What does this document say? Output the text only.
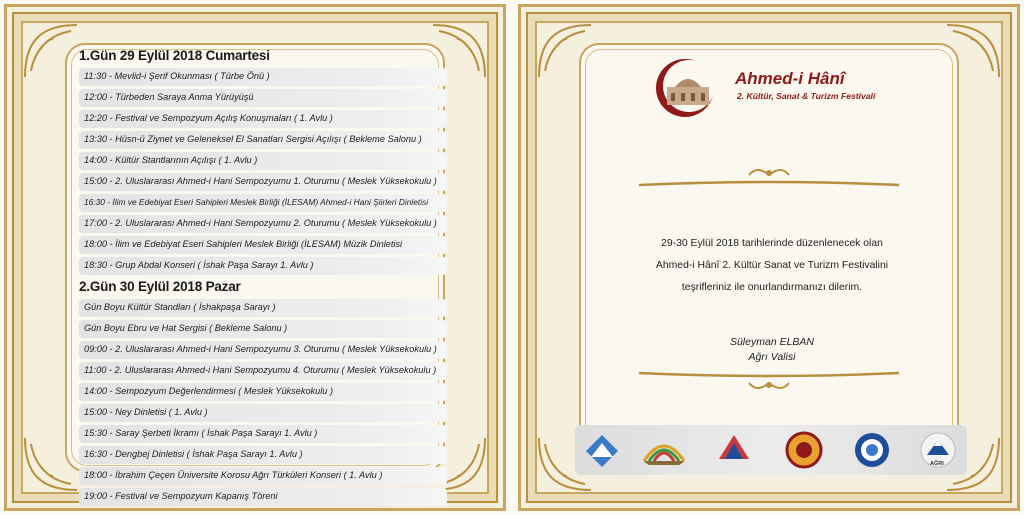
1.Gün 29 Eylül 2018 Cumartesi
11:30 - Mevlid-i Şerif Okunması ( Türbe Önü )
12:00 - Türbeden Saraya Anma Yürüyüşü
12:20 - Festival ve Sempozyum Açılış Konuşmaları ( 1. Avlu )
13:30 - Hüsn-ü Ziynet ve Geleneksel El Sanatları Sergisi Açılışı ( Bekleme Salonu )
14:00 - Kültür Stantlarının Açılışı ( 1. Avlu )
15:00 - 2. Uluslararası Ahmed-i Hani Sempozyumu 1. Oturumu ( Meslek Yüksekokulu )
16:30 - İlim ve Edebiyat Eseri Sahipleri Meslek Birliği (İLESAM) Ahmed-i Hani Şiirleri Dinletisi
17:00 - 2. Uluslararası Ahmed-i Hani Sempozyumu 2. Oturumu ( Meslek Yüksekokulu )
18:00 - İlim ve Edebiyat Eseri Sahipleri Meslek Birliği (İLESAM) Müzik Dinletisi
18:30 - Grup Abdal Konseri ( İshak Paşa Sarayı 1. Avlu )
2.Gün 30 Eylül 2018 Pazar
Gün Boyu Kültür Standları ( İshakpaşa Sarayı )
Gün Boyu Ebru ve Hat Sergisi ( Bekleme Salonu )
09:00 - 2. Uluslararası Ahmed-i Hani Sempozyumu 3. Oturumu ( Meslek Yüksekokulu )
11:00 - 2. Uluslararası Ahmed-i Hani Sempozyumu 4. Oturumu ( Meslek Yüksekokulu )
14:00 - Sempozyum Değerlendirmesi ( Meslek Yüksekokulu )
15:00 - Ney Dinletisi ( 1. Avlu )
15:30 - Saray Şerbeti İkramı ( İshak Paşa Sarayı 1. Avlu )
16:30 - Dengbej Dinletisi ( İshak Paşa Sarayı 1. Avlu )
18:00 - İbrahim Çeçen Üniversite Korosu Ağrı Türküleri Konseri ( 1. Avlu )
19:00 - Festival ve Sempozyum Kapanış Töreni
Ahmed-i Hânî
2. Kültür, Sanat & Turizm Festivali
29-30 Eylül 2018 tarihlerinde düzenlenecek olan
Ahmed-i Hânî 2. Kültür Sanat ve Turizm Festivalini
teşrifleriniz ile onurlandırmanızı dilerim.
Süleyman ELBAN
Ağrı Valisi
AĞRI
